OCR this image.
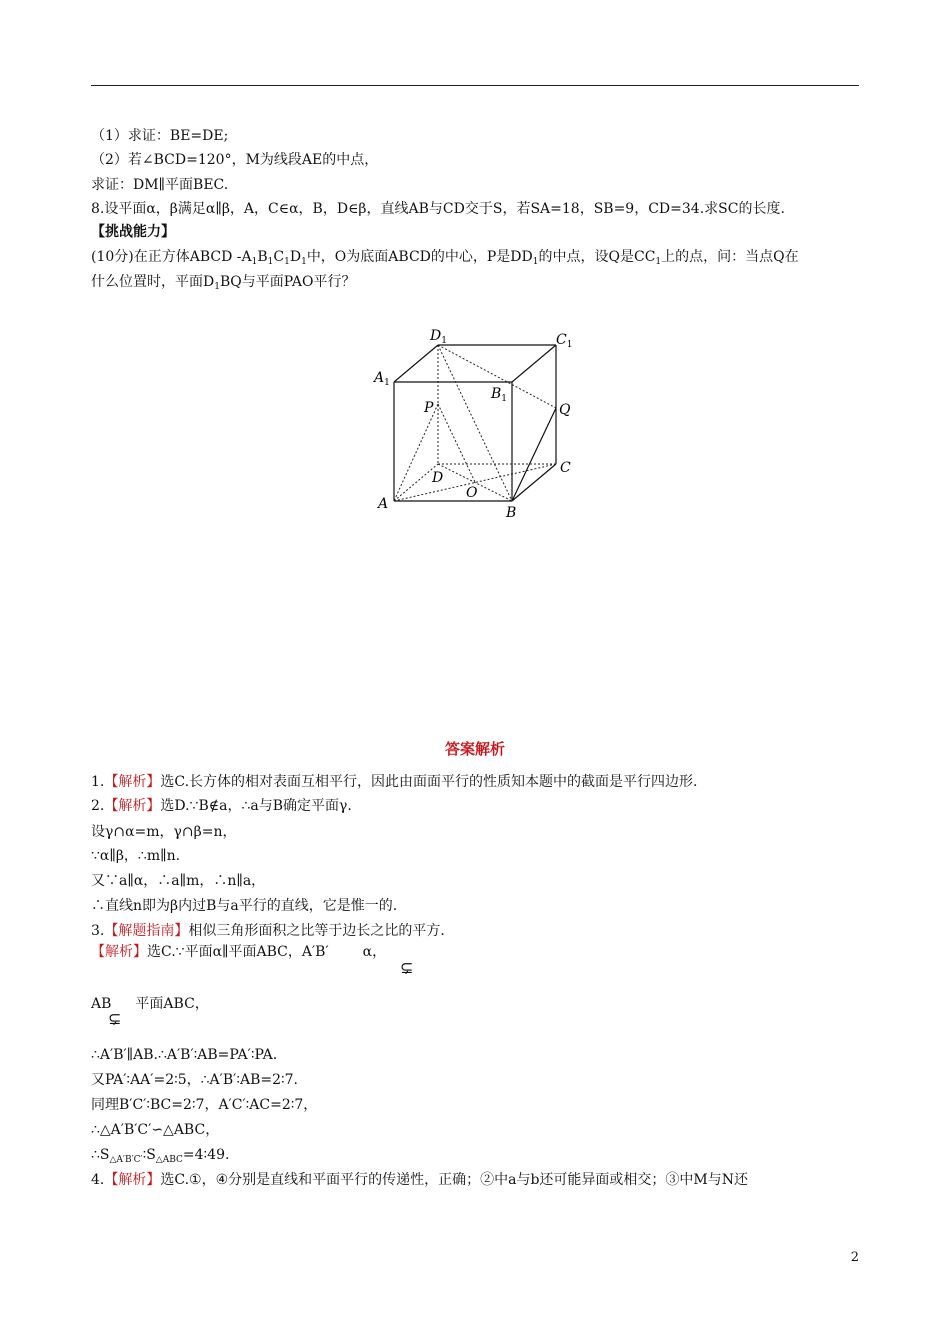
（1）求证：BE=DE;
（2）若∠BCD=120°，M为线段AE的中点，
求证：DM∥平面BEC.
8.设平面α，β满足α∥β，A，C∈α，B，D∈β，直线AB与CD交于S，若SA=18，SB=9，CD=34.求SC的长度.
【挑战能力】
(10分)在正方体ABCD $-A_1B_1C_1D_1$中，O为底面ABCD的中心，P是$DD_1$的中点，设Q是$CC_1$上的点，问：当点Q在
什么位置时，平面$D_1BQ$与平面PAO平行？
$D_1$	$C_1$
$A_1$
$B_1$
P	Q
C
D
O
A
B
答案解析
1.【解析】选C.长方体的相对表面互相平行，因此由面面平行的性质知本题中的截面是平行四边形.
2.【解析】选D.∵B∉a，∴a与B确定平面γ.
设γ∩α=m，γ∩β=n，
∵α∥β，∴m∥n.
又∵a∥α，∴a∥m，∴n∥a，
∴直线n即为β内过B与a平行的直线，它是惟一的.
3.【解题指南】相似三角形面积之比等于边长之比的平方.
【解析】选C.∵平面α∥平面ABC，A′B′ α，
⊊
AB 平面ABC，
⊊
∴A′B′∥AB.∴A′B′∶AB=PA′∶PA.
又PA′∶AA′=2∶5，∴A′B′∶AB=2∶7.
同理B′C′∶BC=2∶7，A′C′∶AC=2∶7，
∴△A′B′C′∽△ABC，
$\therefore S_{\triangle A'B'C'}∶S_{\triangle ABC}=4∶49$.
4.【解析】选C.①，④分别是直线和平面平行的传递性，正确；②中a与b还可能异面或相交；③中M与N还
2
